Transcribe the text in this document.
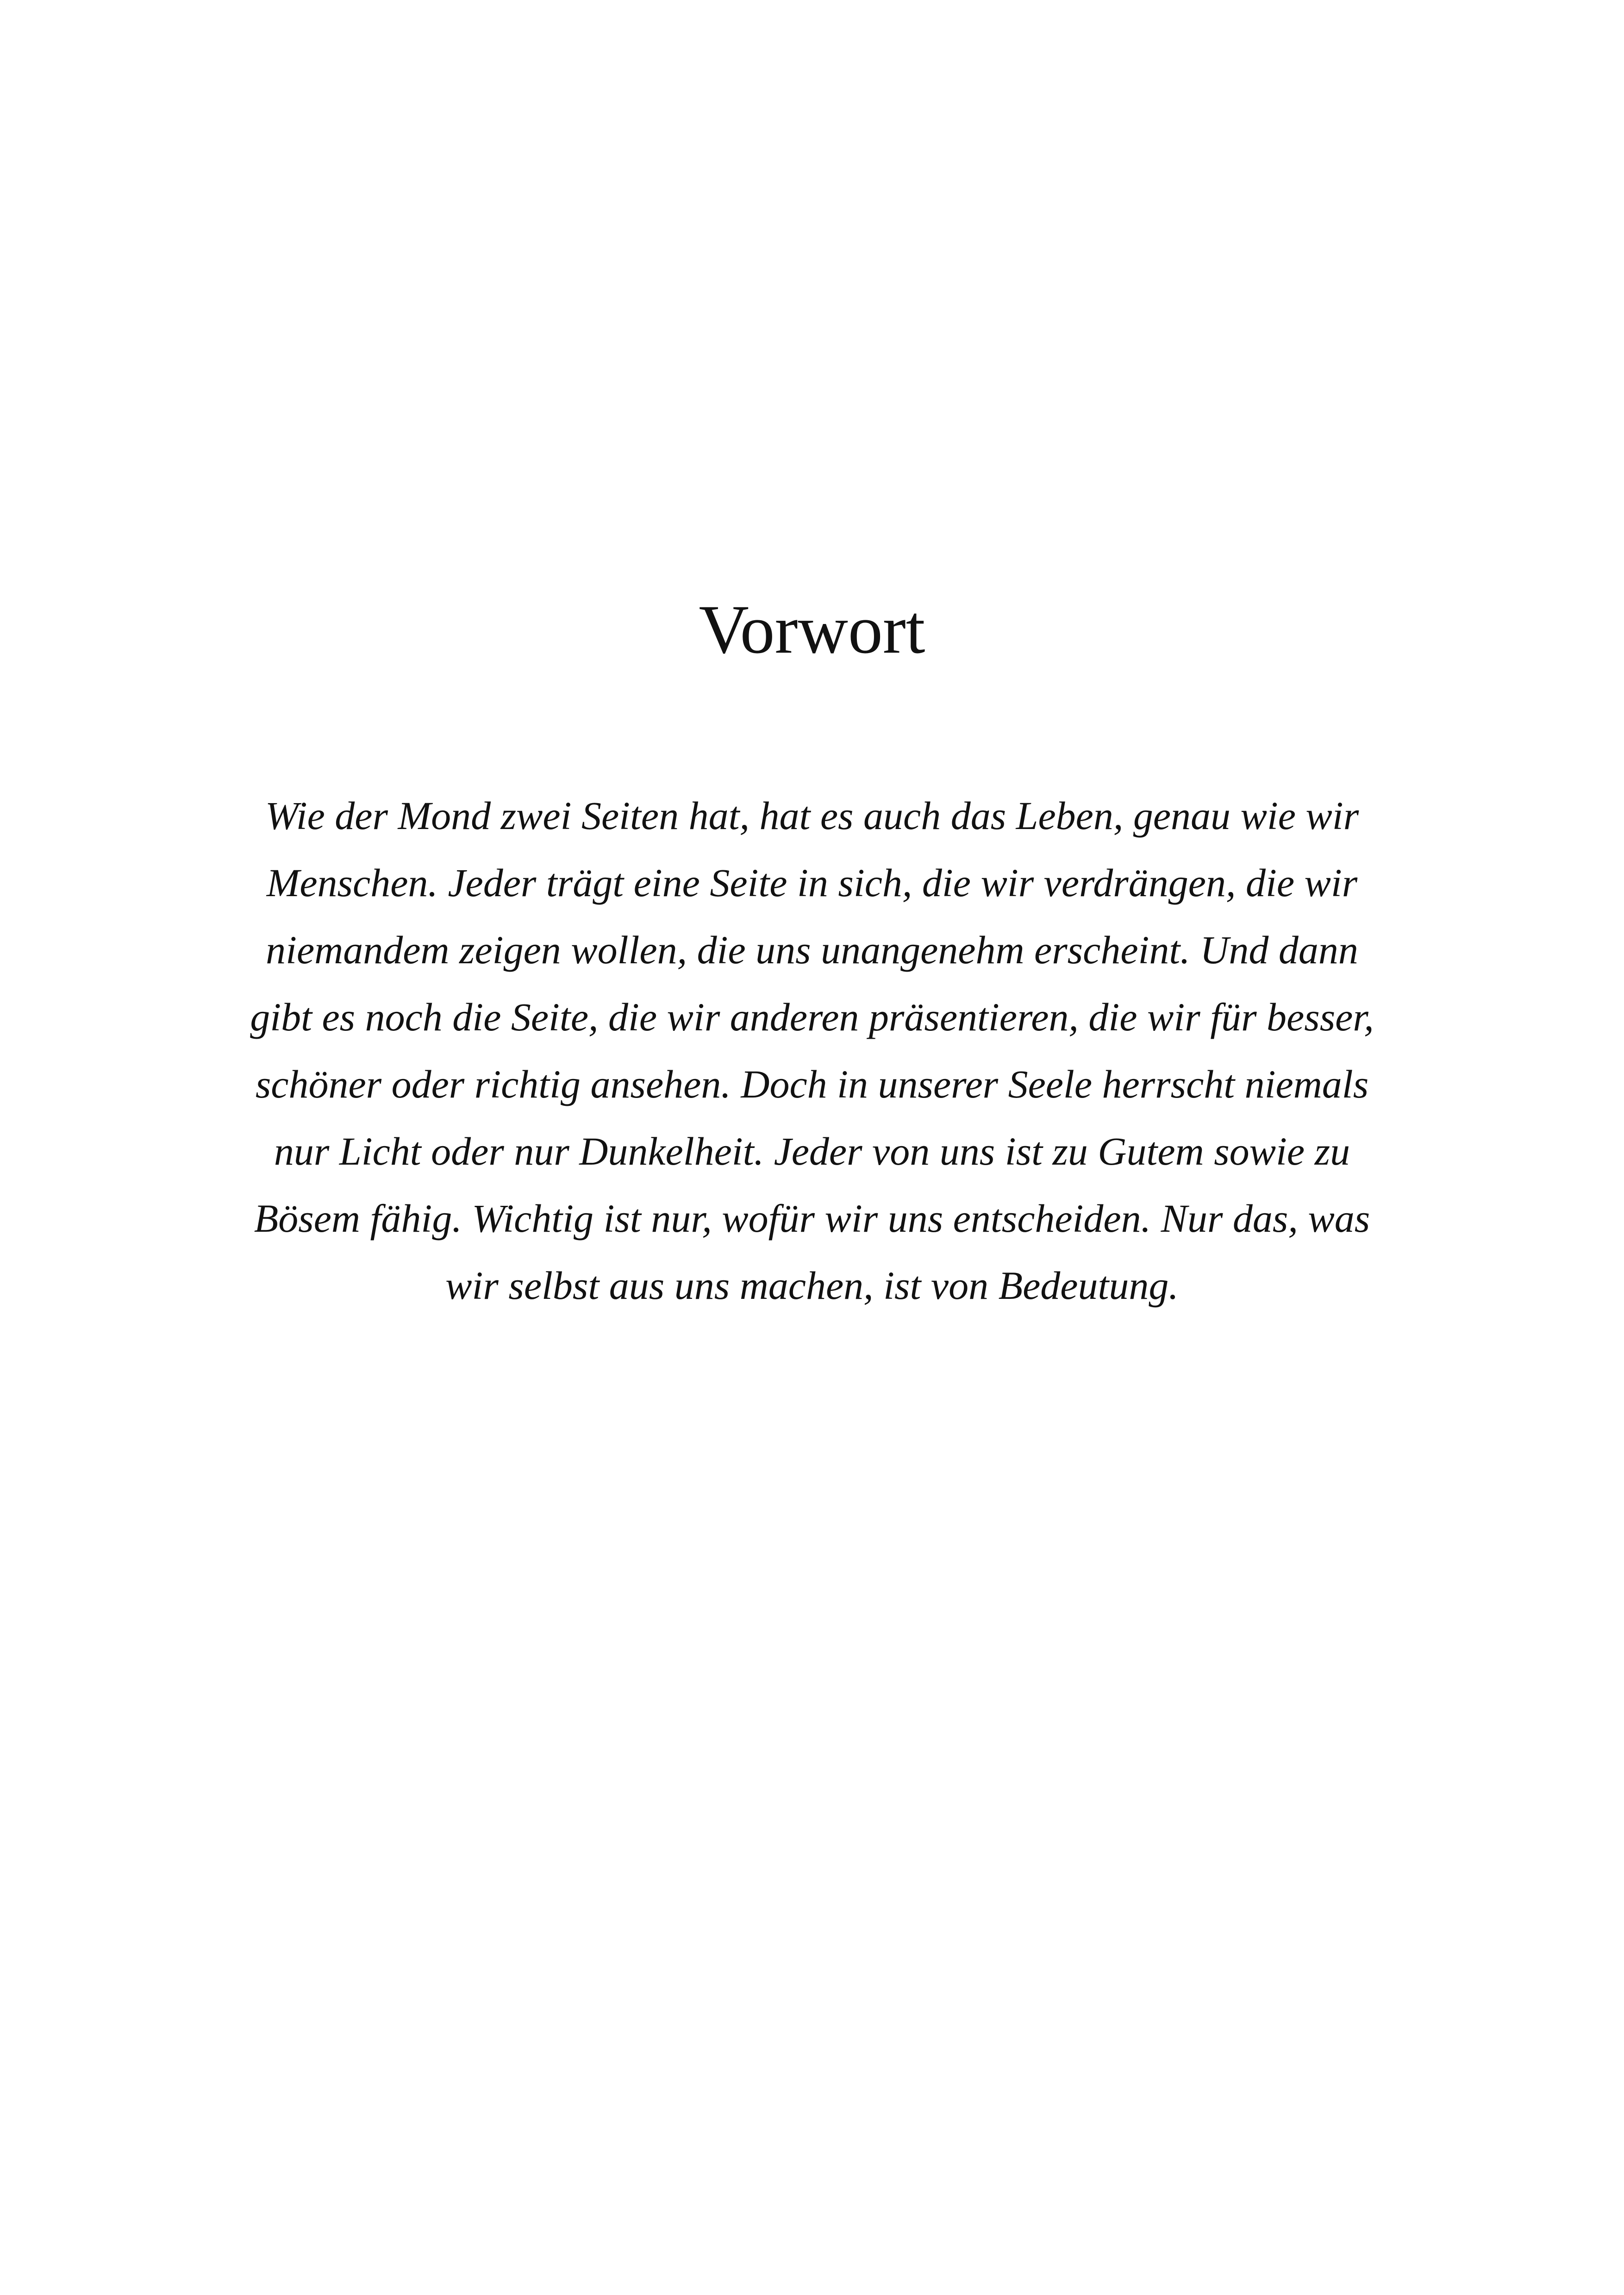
Vorwort

Wie der Mond zwei Seiten hat, hat es auch das Leben, genau wie wir
Menschen. Jeder trägt eine Seite in sich, die wir verdrängen, die wir
niemandem zeigen wollen, die uns unangenehm erscheint. Und dann
gibt es noch die Seite, die wir anderen präsentieren, die wir für besser,
schöner oder richtig ansehen. Doch in unserer Seele herrscht niemals
nur Licht oder nur Dunkelheit. Jeder von uns ist zu Gutem sowie zu
Bösem fähig. Wichtig ist nur, wofür wir uns entscheiden. Nur das, was
wir selbst aus uns machen, ist von Bedeutung.
